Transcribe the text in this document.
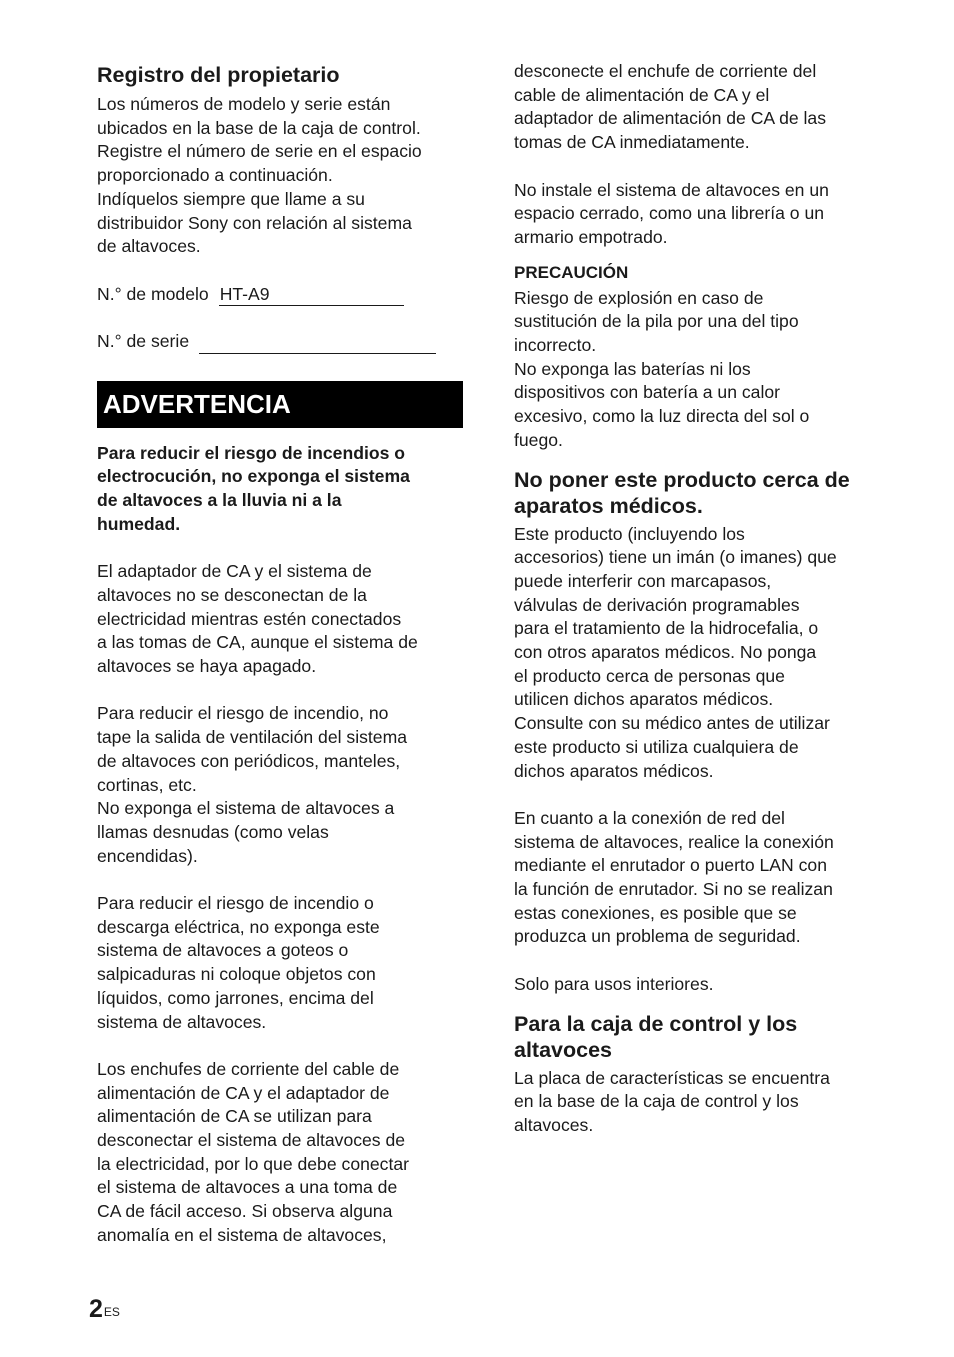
Registro del propietario
Los números de modelo y serie están
ubicados en la base de la caja de control.
Registre el número de serie en el espacio
proporcionado a continuación.
Indíquelos siempre que llame a su
distribuidor Sony con relación al sistema
de altavoces.
N.° de modelo HT-A9
N.° de serie
ADVERTENCIA
Para reducir el riesgo de incendios o
electrocución, no exponga el sistema
de altavoces a la lluvia ni a la
humedad.
El adaptador de CA y el sistema de
altavoces no se desconectan de la
electricidad mientras estén conectados
a las tomas de CA, aunque el sistema de
altavoces se haya apagado.
Para reducir el riesgo de incendio, no
tape la salida de ventilación del sistema
de altavoces con periódicos, manteles,
cortinas, etc.
No exponga el sistema de altavoces a
llamas desnudas (como velas
encendidas).
Para reducir el riesgo de incendio o
descarga eléctrica, no exponga este
sistema de altavoces a goteos o
salpicaduras ni coloque objetos con
líquidos, como jarrones, encima del
sistema de altavoces.
Los enchufes de corriente del cable de
alimentación de CA y el adaptador de
alimentación de CA se utilizan para
desconectar el sistema de altavoces de
la electricidad, por lo que debe conectar
el sistema de altavoces a una toma de
CA de fácil acceso. Si observa alguna
anomalía en el sistema de altavoces,
desconecte el enchufe de corriente del
cable de alimentación de CA y el
adaptador de alimentación de CA de las
tomas de CA inmediatamente.
No instale el sistema de altavoces en un
espacio cerrado, como una librería o un
armario empotrado.
PRECAUCIÓN
Riesgo de explosión en caso de
sustitución de la pila por una del tipo
incorrecto.
No exponga las baterías ni los
dispositivos con batería a un calor
excesivo, como la luz directa del sol o
fuego.
No poner este producto cerca de
aparatos médicos.
Este producto (incluyendo los
accesorios) tiene un imán (o imanes) que
puede interferir con marcapasos,
válvulas de derivación programables
para el tratamiento de la hidrocefalia, o
con otros aparatos médicos. No ponga
el producto cerca de personas que
utilicen dichos aparatos médicos.
Consulte con su médico antes de utilizar
este producto si utiliza cualquiera de
dichos aparatos médicos.
En cuanto a la conexión de red del
sistema de altavoces, realice la conexión
mediante el enrutador o puerto LAN con
la función de enrutador. Si no se realizan
estas conexiones, es posible que se
produzca un problema de seguridad.
Solo para usos interiores.
Para la caja de control y los
altavoces
La placa de características se encuentra
en la base de la caja de control y los
altavoces.
$2^{ES}$
